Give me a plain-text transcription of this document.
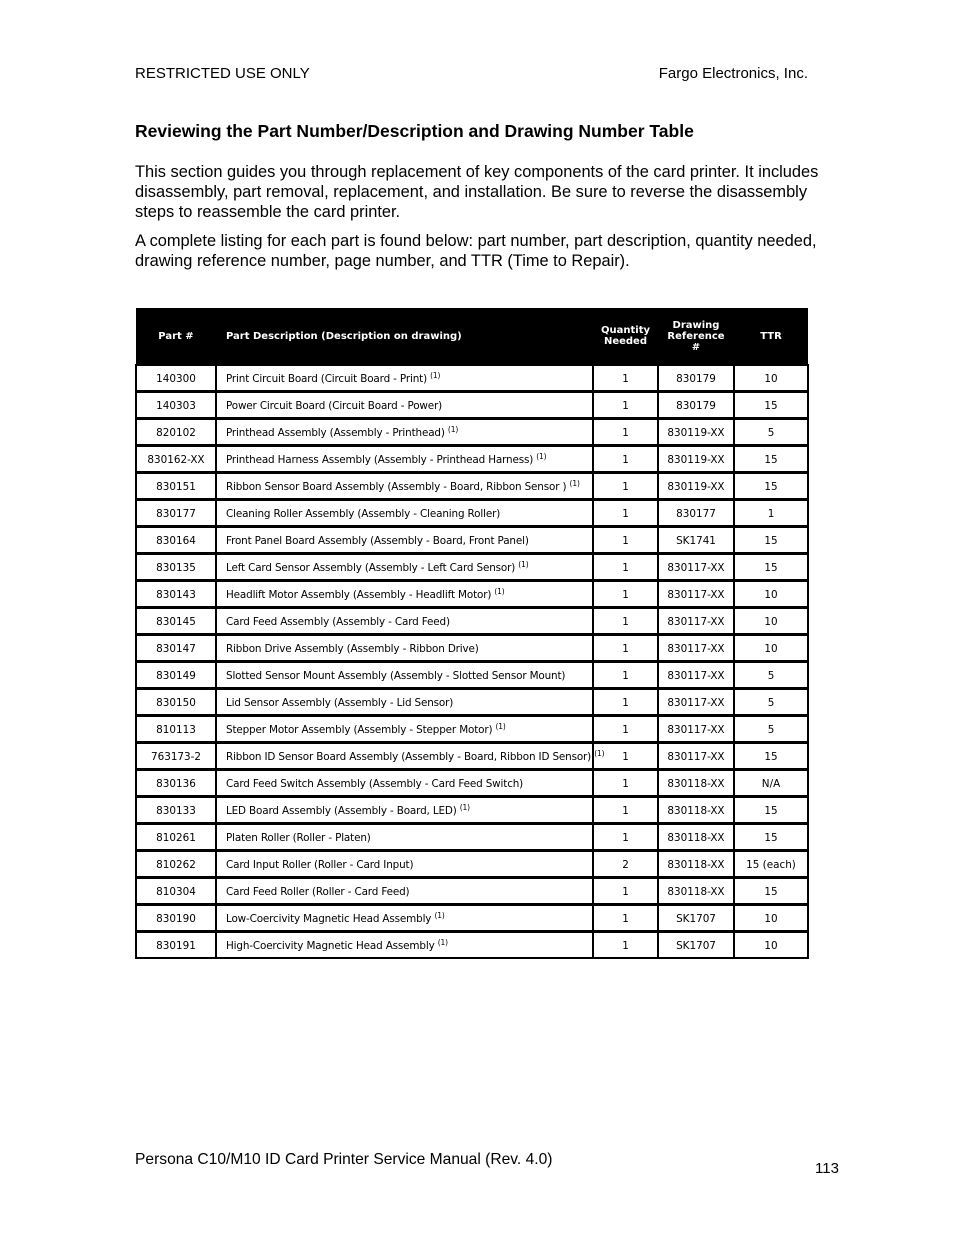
RESTRICTED USE ONLY	Fargo Electronics, Inc.
Reviewing the Part Number/Description and Drawing Number Table

This section guides you through replacement of key components of the card printer. It includes disassembly, part removal, replacement, and installation. Be sure to reverse the disassembly steps to reassemble the card printer.

A complete listing for each part is found below: part number, part description, quantity needed, drawing reference number, page number, and TTR (Time to Repair).

Part #	Part Description (Description on drawing)	Quantity Needed	Drawing Reference #	TTR
140300	Print Circuit Board (Circuit Board - Print) $^{(1)}$	1	830179	10
140303	Power Circuit Board (Circuit Board - Power)	1	830179	15
820102	Printhead Assembly (Assembly - Printhead) $^{(1)}$	1	830119-XX	5
830162-XX	Printhead Harness Assembly (Assembly - Printhead Harness) $^{(1)}$	1	830119-XX	15
830151	Ribbon Sensor Board Assembly (Assembly - Board, Ribbon Sensor ) $^{(1)}$	1	830119-XX	15
830177	Cleaning Roller Assembly (Assembly - Cleaning Roller)	1	830177	1
830164	Front Panel Board Assembly (Assembly - Board, Front Panel)	1	SK1741	15
830135	Left Card Sensor Assembly (Assembly - Left Card Sensor) $^{(1)}$	1	830117-XX	15
830143	Headlift Motor Assembly (Assembly - Headlift Motor) $^{(1)}$	1	830117-XX	10
830145	Card Feed Assembly (Assembly - Card Feed)	1	830117-XX	10
830147	Ribbon Drive Assembly (Assembly - Ribbon Drive)	1	830117-XX	10
830149	Slotted Sensor Mount Assembly (Assembly - Slotted Sensor Mount)	1	830117-XX	5
830150	Lid Sensor Assembly (Assembly - Lid Sensor)	1	830117-XX	5
810113	Stepper Motor Assembly (Assembly - Stepper Motor) $^{(1)}$	1	830117-XX	5
763173-2	Ribbon ID Sensor Board Assembly (Assembly - Board, Ribbon ID Sensor) $^{(1)}$	1	830117-XX	15
830136	Card Feed Switch Assembly (Assembly - Card Feed Switch)	1	830118-XX	N/A
830133	LED Board Assembly (Assembly - Board, LED) $^{(1)}$	1	830118-XX	15
810261	Platen Roller (Roller - Platen)	1	830118-XX	15
810262	Card Input Roller (Roller - Card Input)	2	830118-XX	15 (each)
810304	Card Feed Roller (Roller - Card Feed)	1	830118-XX	15
830190	Low-Coercivity Magnetic Head Assembly $^{(1)}$	1	SK1707	10
830191	High-Coercivity Magnetic Head Assembly $^{(1)}$	1	SK1707	10
Persona C10/M10 ID Card Printer Service Manual (Rev. 4.0)
113
